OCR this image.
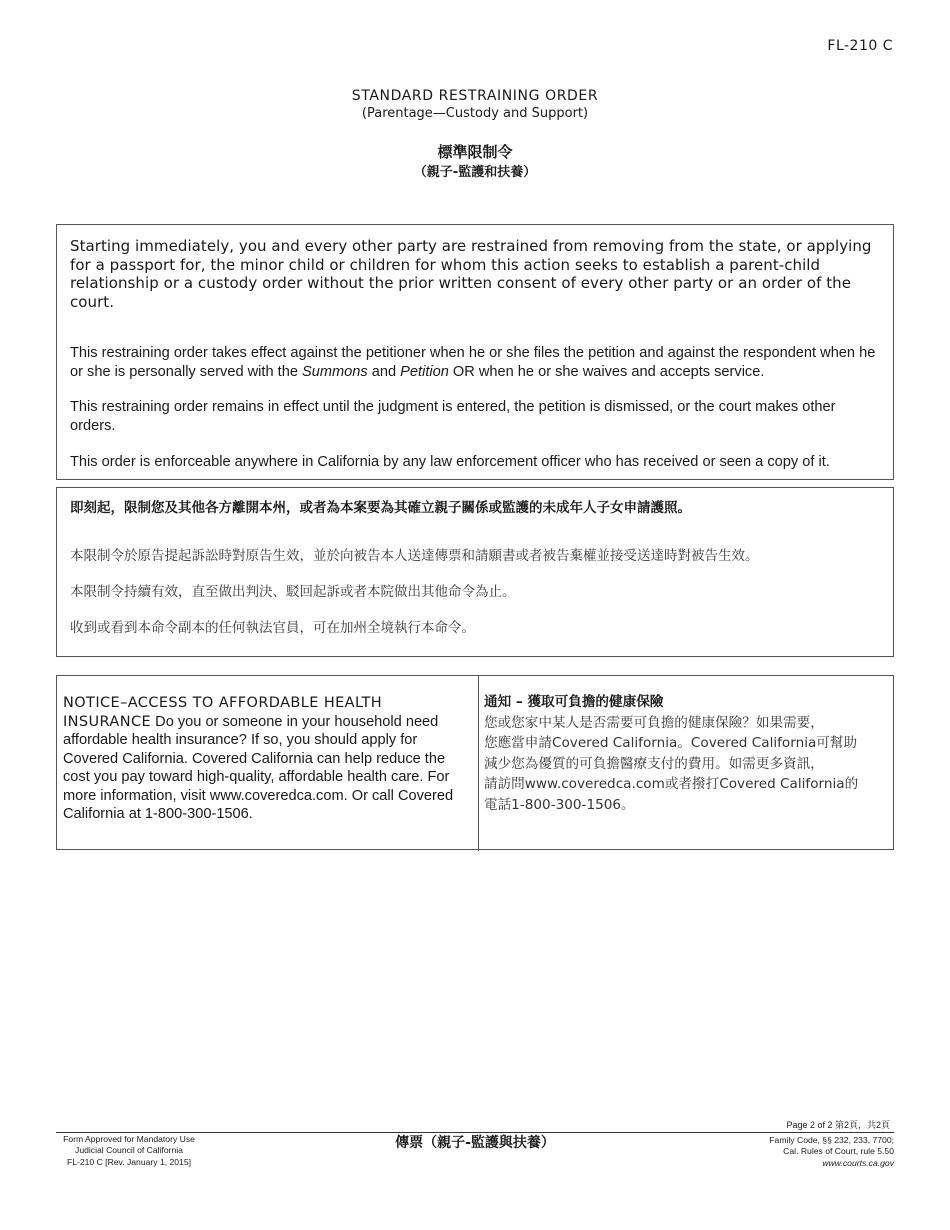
FL-210 C
STANDARD RESTRAINING ORDER
(Parentage—Custody and Support)
標準限制令
（親子-監護和扶養）

Starting immediately, you and every other party are restrained from removing from the state, or applying for a passport for, the minor child or children for whom this action seeks to establish a parent-child relationship or a custody order without the prior written consent of every other party or an order of the court.

This restraining order takes effect against the petitioner when he or she files the petition and against the respondent when he or she is personally served with the Summons and Petition OR when he or she waives and accepts service.

This restraining order remains in effect until the judgment is entered, the petition is dismissed, or the court makes other orders.

This order is enforceable anywhere in California by any law enforcement officer who has received or seen a copy of it.

即刻起，限制您及其他各方離開本州，或者為本案要為其確立親子關係或監護的未成年人子女申請護照。

本限制令於原告提起訴訟時對原告生效，並於向被告本人送達傳票和請願書或者被告棄權並接受送達時對被告生效。

本限制令持續有效，直至做出判決、駁回起訴或者本院做出其他命令為止。

收到或看到本命令副本的任何執法官員，可在加州全境執行本命令。

NOTICE–ACCESS TO AFFORDABLE HEALTH INSURANCE Do you or someone in your household need affordable health insurance? If so, you should apply for Covered California. Covered California can help reduce the cost you pay toward high-quality, affordable health care. For more information, visit www.coveredca.com. Or call Covered California at 1-800-300-1506.

通知 – 獲取可負擔的健康保險

您或您家中某人是否需要可負擔的健康保險？如果需要，

您應當申請Covered California。Covered California可幫助

減少您為優質的可負擔醫療支付的費用。如需更多資訊，

請訪問www.coveredca.com或者撥打Covered California的

電話1-800-300-1506。

Page 2 of 2 第2頁，共2頁
Form Approved for Mandatory Use
Judicial Council of California
FL-210 C [Rev. January 1, 2015]
傳票（親子-監護與扶養）	Family Code, §§ 232, 233, 7700;
Cal. Rules of Court, rule 5.50
www.courts.ca.gov
